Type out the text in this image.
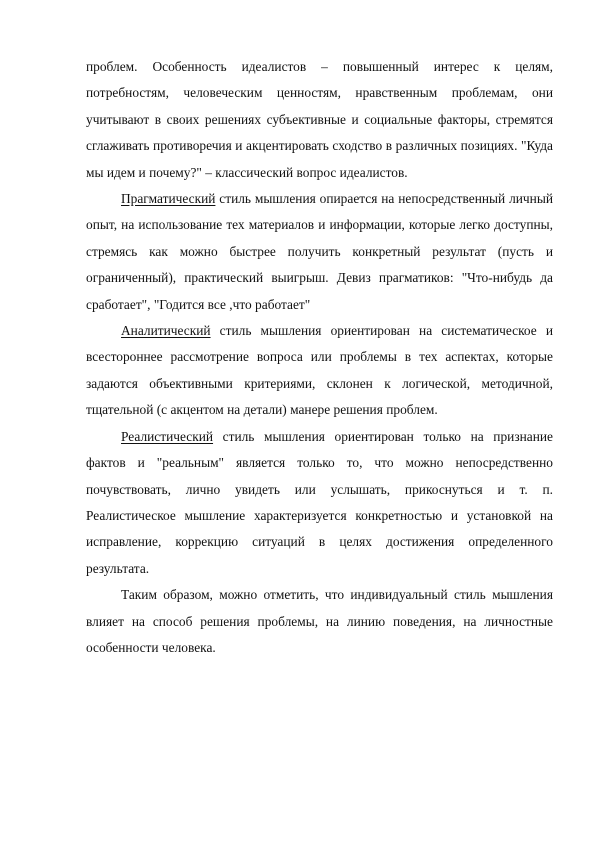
проблем. Особенность идеалистов – повышенный интерес к целям, потребностям, человеческим ценностям, нравственным проблемам, они учитывают в своих решениях субъективные и социальные факторы, стремятся сглаживать противоречия и акцентировать сходство в различных позициях. "Куда мы идем и почему?" – классический вопрос идеалистов.

Прагматический стиль мышления опирается на непосредственный личный опыт, на использование тех материалов и информации, которые легко доступны, стремясь как можно быстрее получить конкретный результат (пусть и ограниченный), практический выигрыш. Девиз прагматиков: "Что-нибудь да сработает", "Годится все ,что работает"

Аналитический стиль мышления ориентирован на систематическое и всестороннее рассмотрение вопроса или проблемы в тех аспектах, которые задаются объективными критериями, склонен к логической, методичной, тщательной (с акцентом на детали) манере решения проблем.

Реалистический стиль мышления ориентирован только на признание фактов и "реальным" является только то, что можно непосредственно почувствовать, лично увидеть или услышать, прикоснуться и т. п. Реалистическое мышление характеризуется конкретностью и установкой на исправление, коррекцию ситуаций в целях достижения определенного результата.

Таким образом, можно отметить, что индивидуальный стиль мышления влияет на способ решения проблемы, на линию поведения, на личностные особенности человека.
